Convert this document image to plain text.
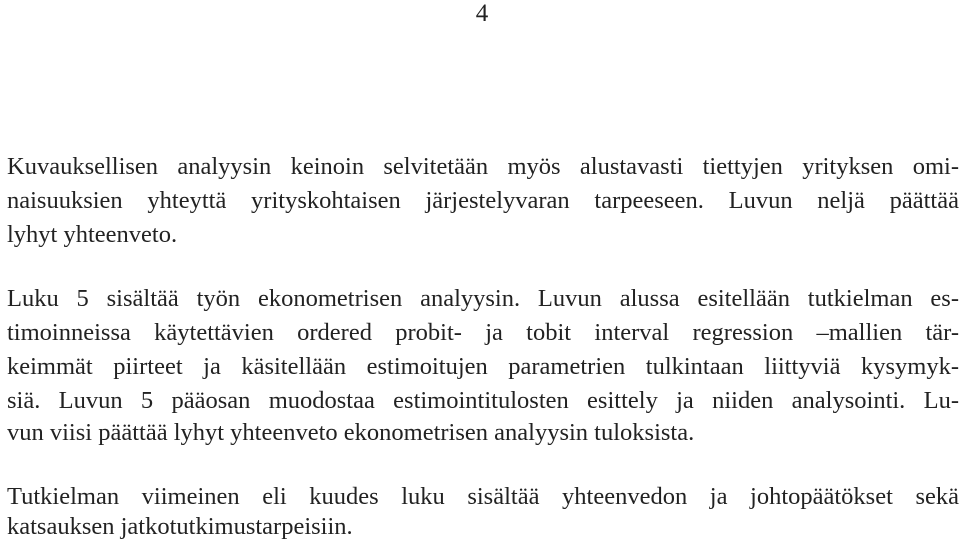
4
Kuvauksellisen analyysin keinoin selvitetään myös alustavasti tiettyjen yrityksen omi-
naisuuksien yhteyttä yrityskohtaisen järjestelyvaran tarpeeseen. Luvun neljä päättää
lyhyt yhteenveto.
Luku 5 sisältää työn ekonometrisen analyysin. Luvun alussa esitellään tutkielman es-
timoinneissa käytettävien ordered probit- ja tobit interval regression –mallien tär-
keimmät piirteet ja käsitellään estimoitujen parametrien tulkintaan liittyviä kysymyk-
siä. Luvun 5 pääosan muodostaa estimointitulosten esittely ja niiden analysointi. Lu-
vun viisi päättää lyhyt yhteenveto ekonometrisen analyysin tuloksista.
Tutkielman viimeinen eli kuudes luku sisältää yhteenvedon ja johtopäätökset sekä
katsauksen jatkotutkimustarpeisiin.
